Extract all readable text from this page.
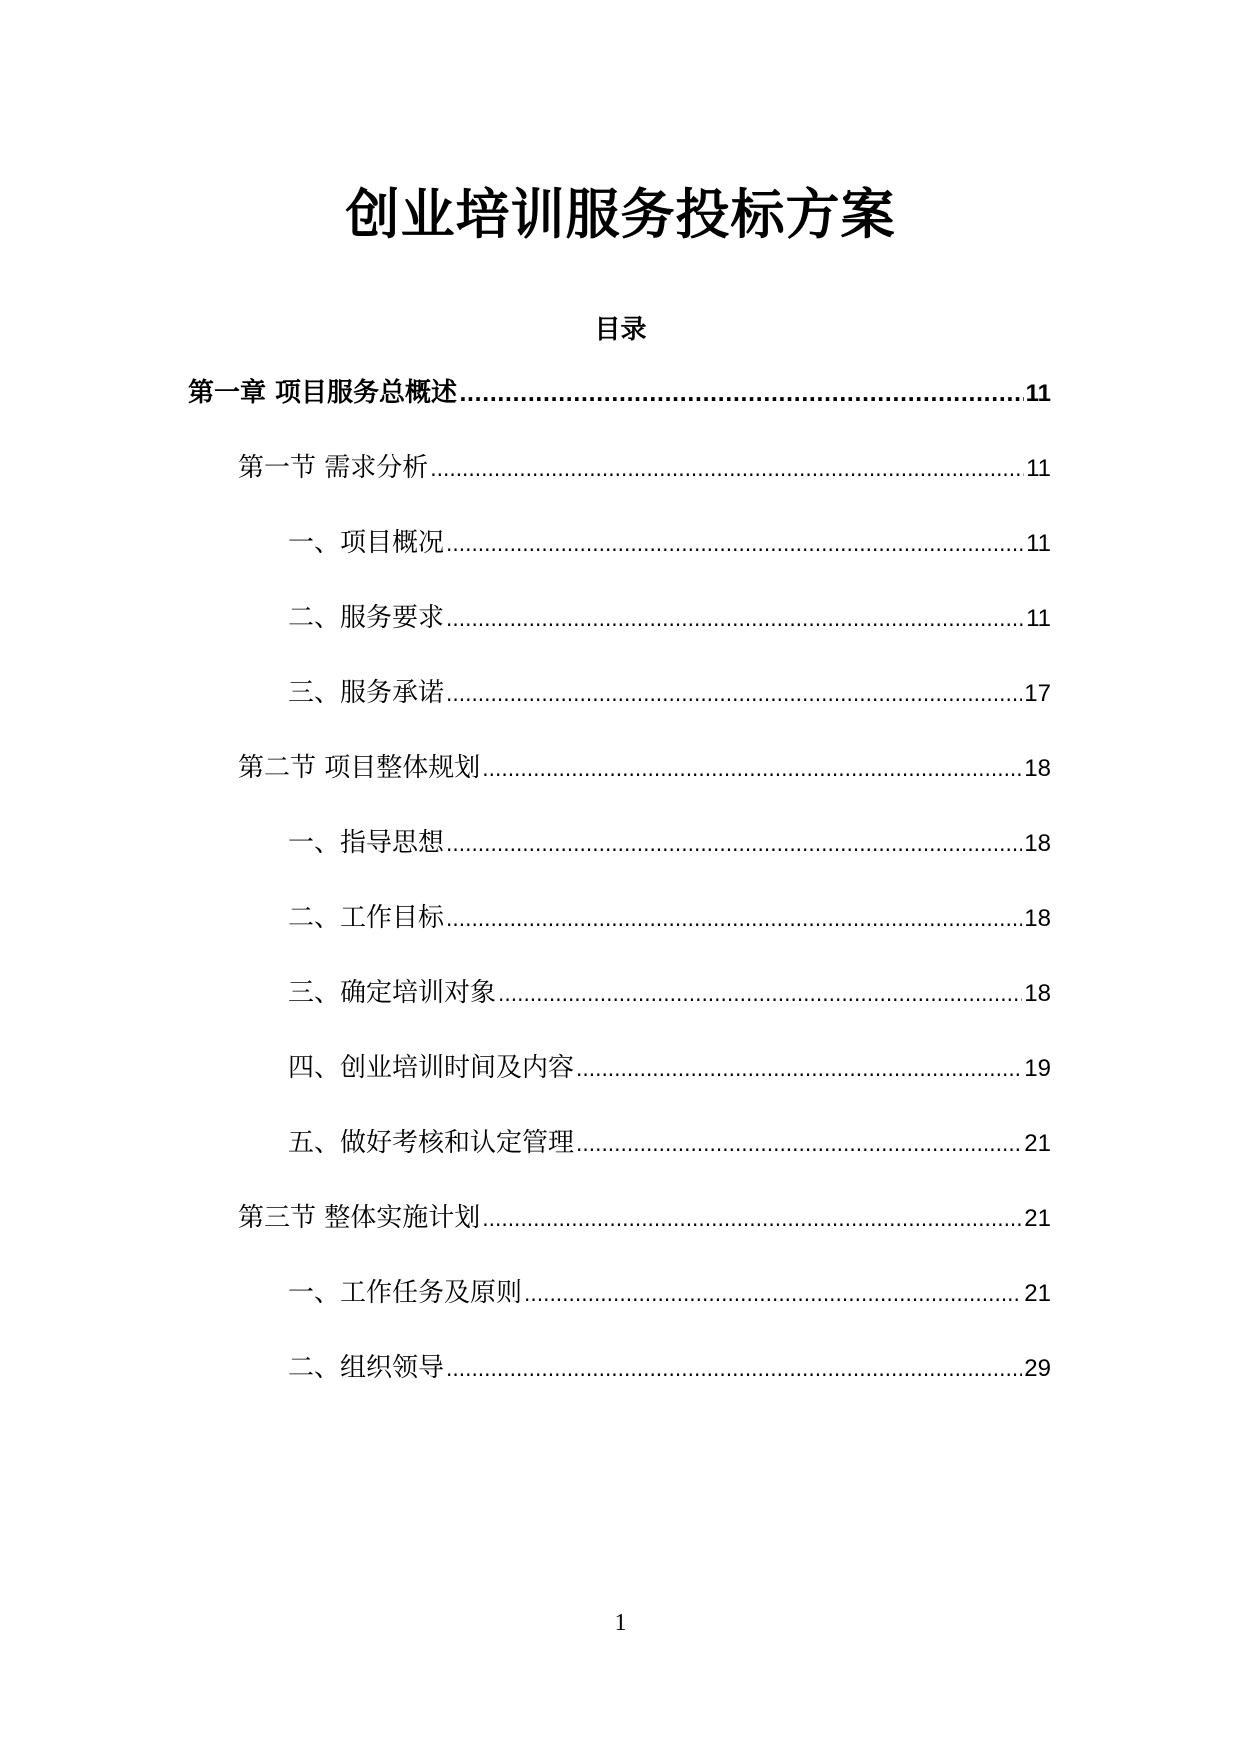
创业培训服务投标方案
目录
第一章 项目服务总概述 .....	11
第一节 需求分析 .....	11
一、项目概况 .....	11
二、服务要求 .....	11
三、服务承诺 .....	17
第二节 项目整体规划 .....	18
一、指导思想 .....	18
二、工作目标 .....	18
三、确定培训对象 .....	18
四、创业培训时间及内容 .....	19
五、做好考核和认定管理 .....	21
第三节 整体实施计划 .....	21
一、工作任务及原则 .....	21
二、组织领导 .....	29
1
